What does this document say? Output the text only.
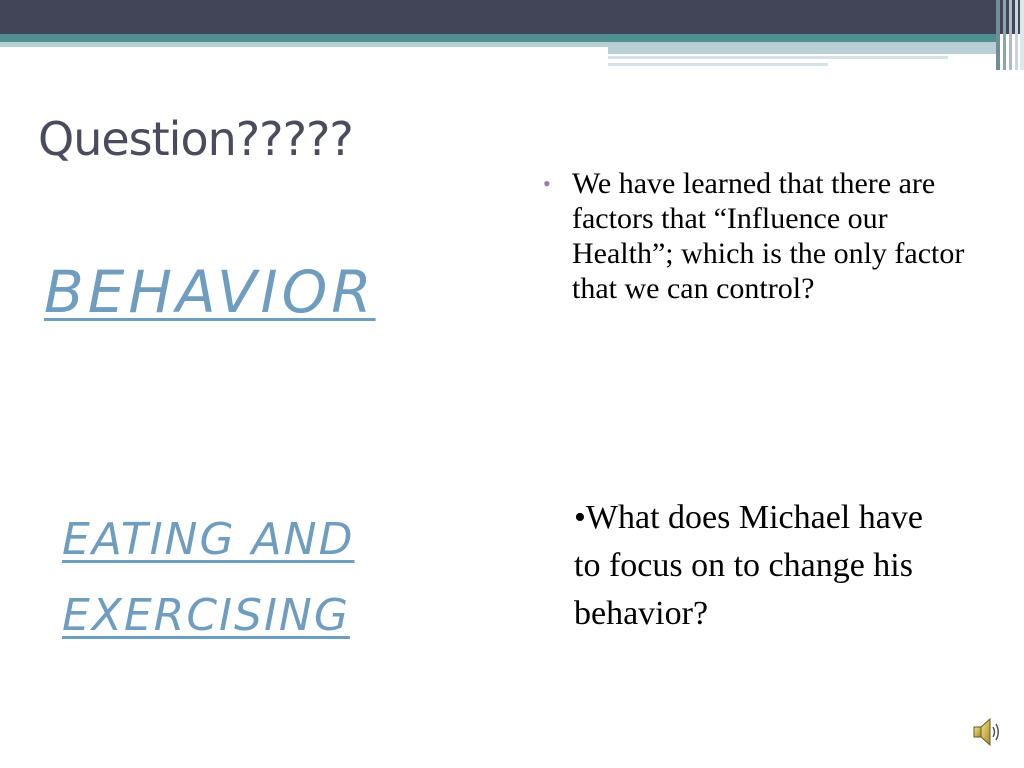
Question?????

BEHAVIOR

EATING AND EXERCISING

• We have learned that there are factors that “Influence our Health”; which is the only factor that we can control?

•What does Michael have to focus on to change his behavior?
